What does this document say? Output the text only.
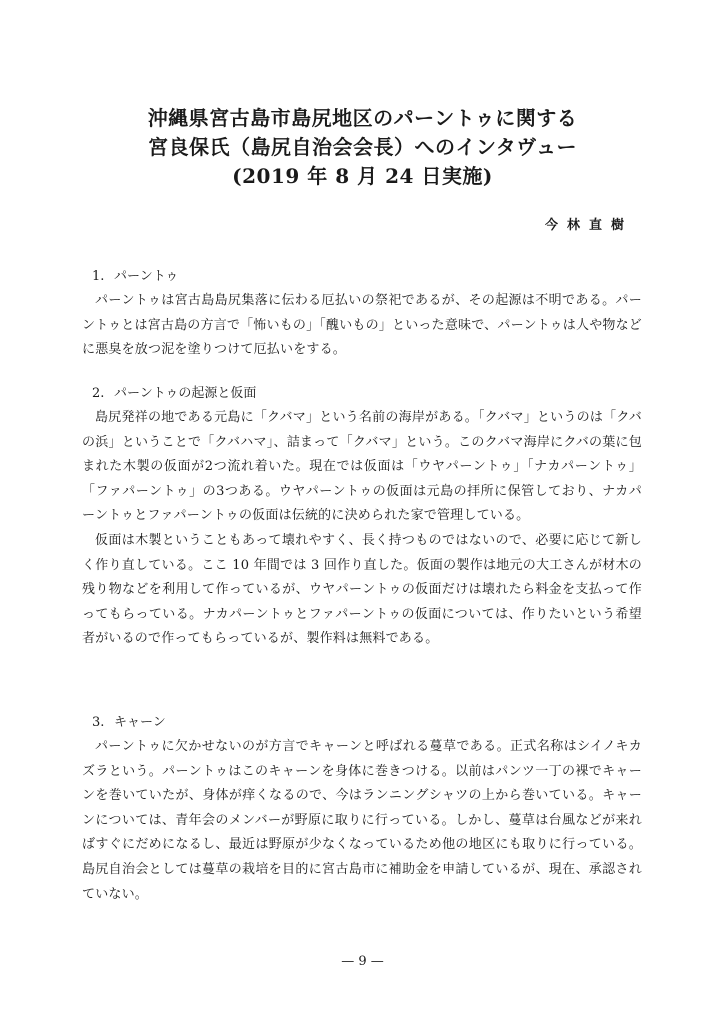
沖縄県宮古島市島尻地区のパーントゥに関する
宮良保氏（島尻自治会会長）へのインタヴュー
(2019 年 8 月 24 日実施)
今林直樹
1. パーントゥ

パーントゥは宮古島島尻集落に伝わる厄払いの祭祀であるが、その起源は不明である。パーントゥとは宮古島の方言で「怖いもの」「醜いもの」といった意味で、パーントゥは人や物などに悪臭を放つ泥を塗りつけて厄払いをする。

2. パーントゥの起源と仮面

島尻発祥の地である元島に「クバマ」という名前の海岸がある。「クバマ」というのは「クバの浜」ということで「クバハマ」、詰まって「クバマ」という。このクバマ海岸にクバの葉に包まれた木製の仮面が2つ流れ着いた。現在では仮面は「ウヤパーントゥ」「ナカパーントゥ」「ファパーントゥ」の3つある。ウヤパーントゥの仮面は元島の拝所に保管しており、ナカパーントゥとファパーントゥの仮面は伝統的に決められた家で管理している。

仮面は木製ということもあって壊れやすく、長く持つものではないので、必要に応じて新しく作り直している。ここ 10 年間では 3 回作り直した。仮面の製作は地元の大工さんが材木の残り物などを利用して作っているが、ウヤパーントゥの仮面だけは壊れたら料金を支払って作ってもらっている。ナカパーントゥとファパーントゥの仮面については、作りたいという希望者がいるので作ってもらっているが、製作料は無料である。

3. キャーン

パーントゥに欠かせないのが方言でキャーンと呼ばれる蔓草である。正式名称はシイノキカズラという。パーントゥはこのキャーンを身体に巻きつける。以前はパンツ一丁の裸でキャーンを巻いていたが、身体が痒くなるので、今はランニングシャツの上から巻いている。キャーンについては、青年会のメンバーが野原に取りに行っている。しかし、蔓草は台風などが来ればすぐにだめになるし、最近は野原が少なくなっているため他の地区にも取りに行っている。島尻自治会としては蔓草の栽培を目的に宮古島市に補助金を申請しているが、現在、承認されていない。

— 9 —
